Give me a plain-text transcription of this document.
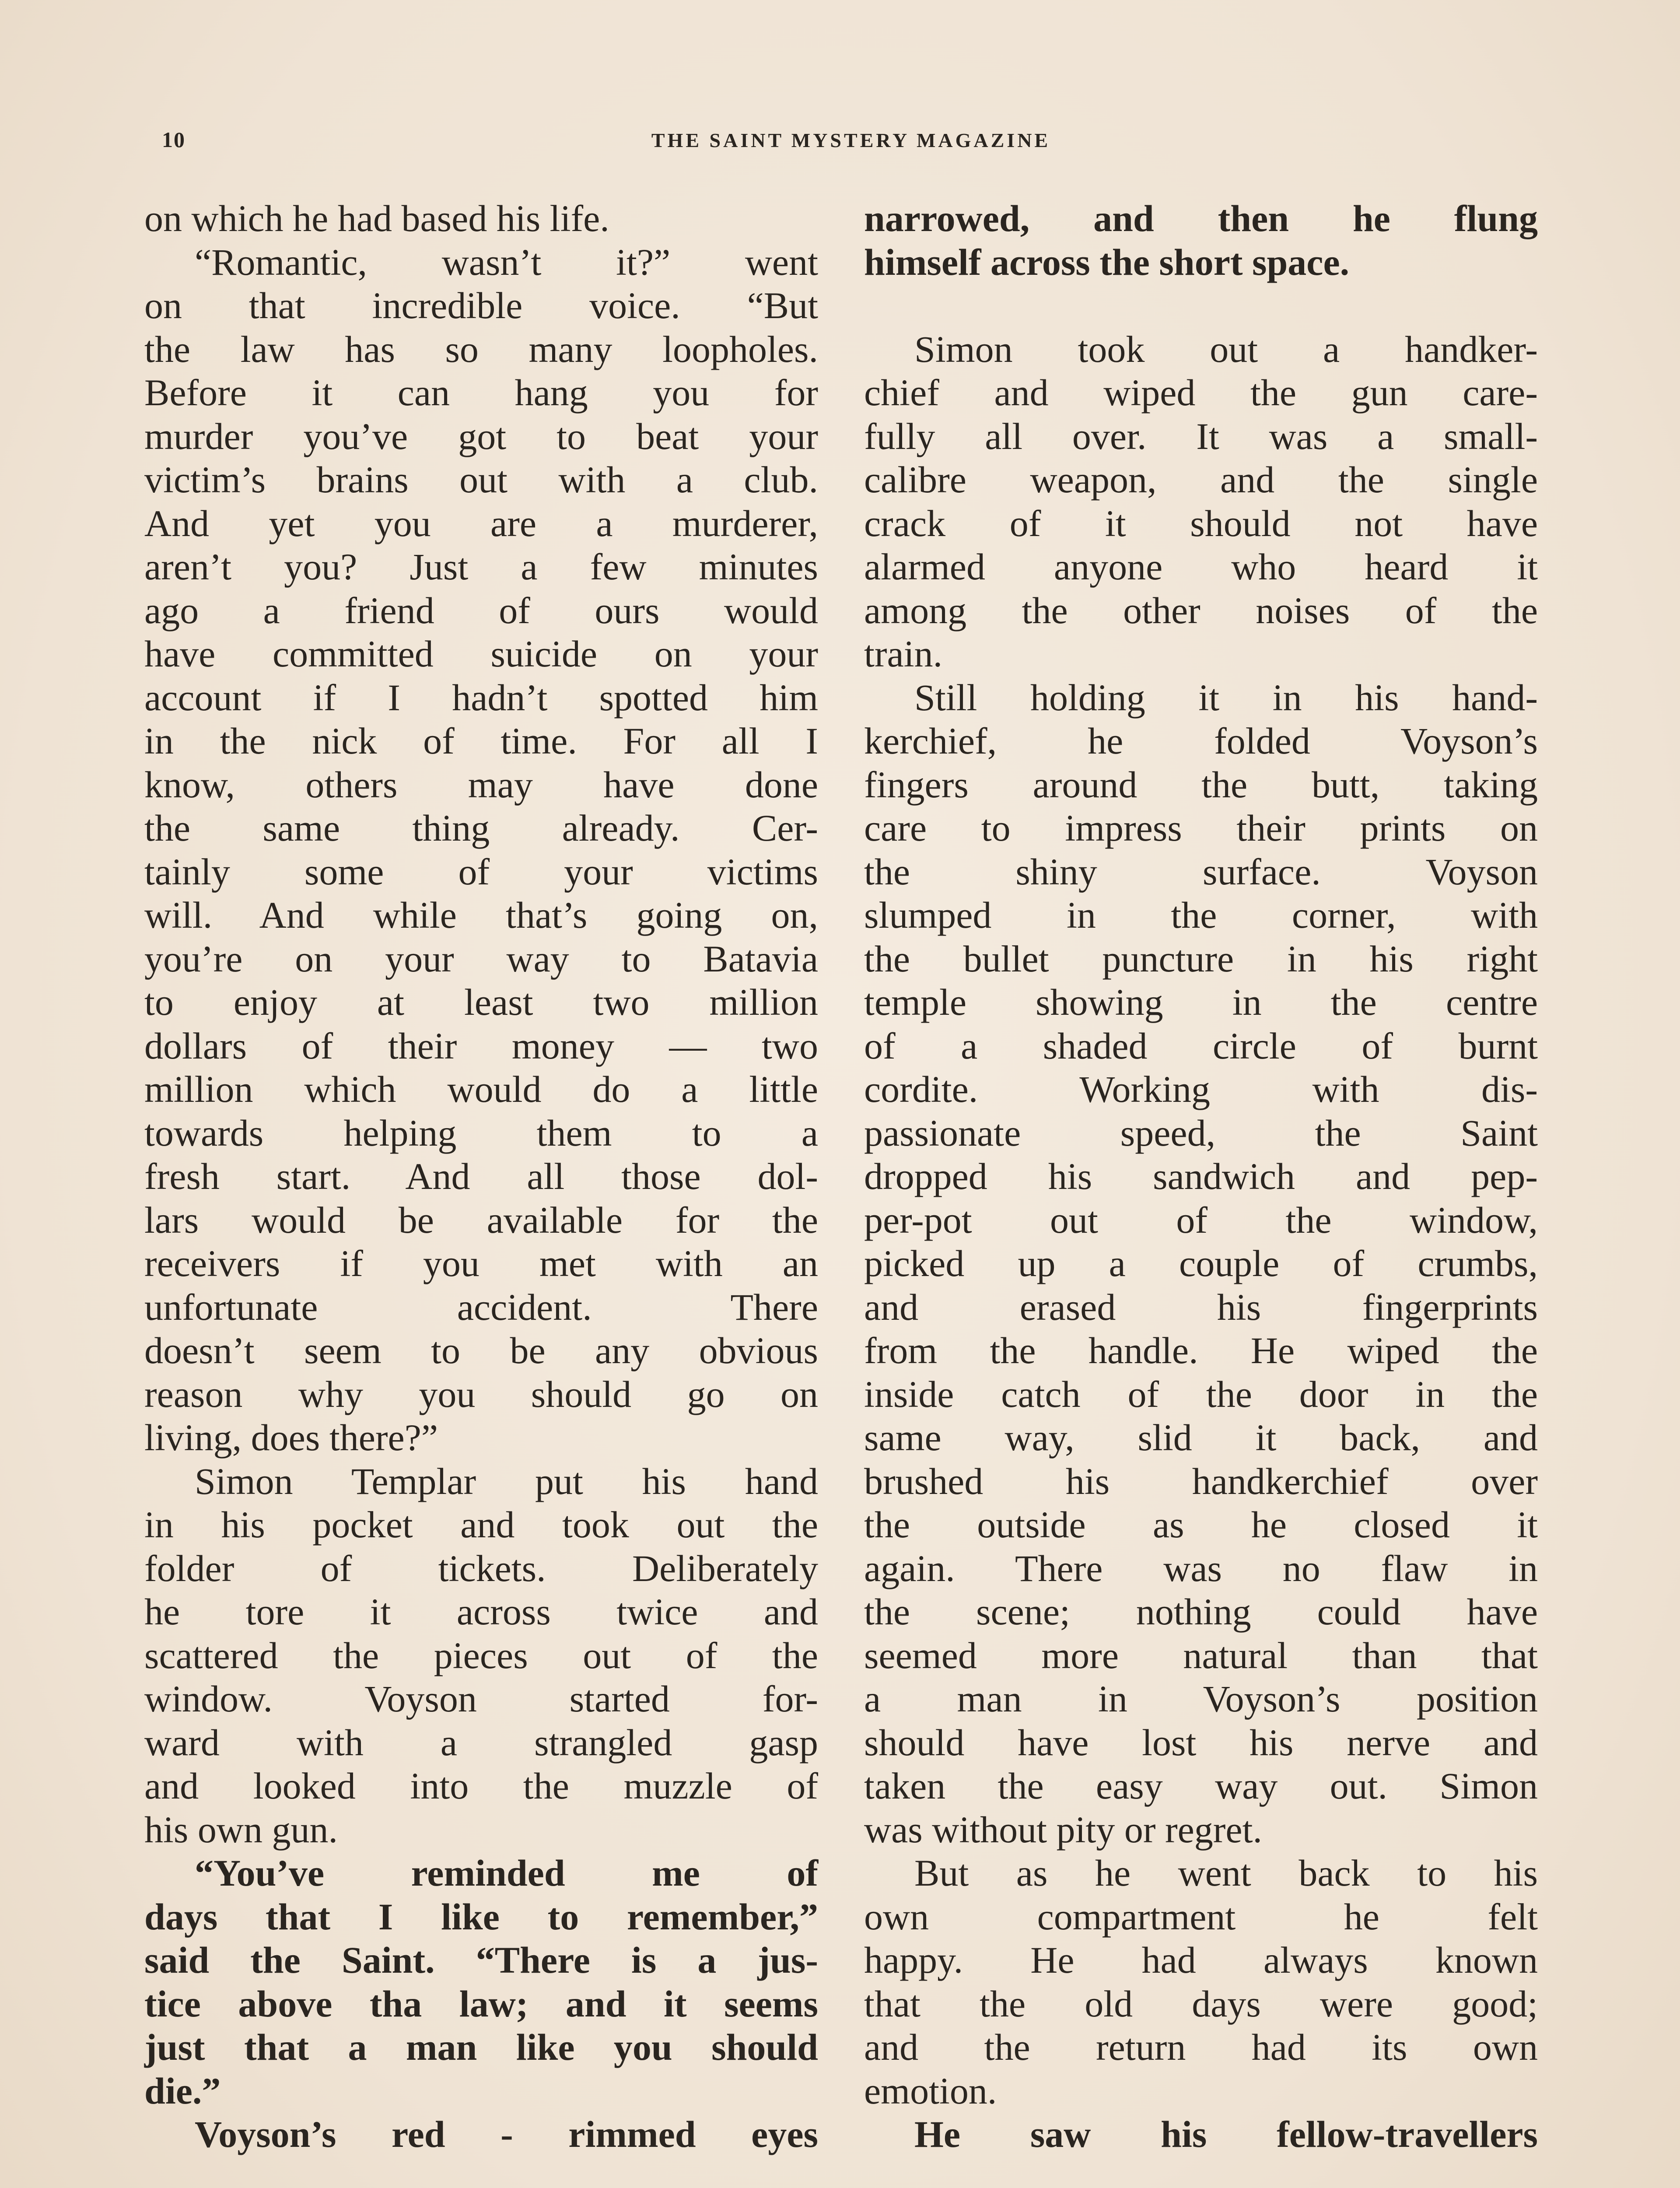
10	THE SAINT MYSTERY MAGAZINE
on which he had based his life.
“Romantic, wasn’t it?” went
on that incredible voice. “But
the law has so many loopholes.
Before it can hang you for
murder you’ve got to beat your
victim’s brains out with a club.
And yet you are a murderer,
aren’t you? Just a few minutes
ago a friend of ours would
have committed suicide on your
account if I hadn’t spotted him
in the nick of time. For all I
know, others may have done
the same thing already. Cer-
tainly some of your victims
will. And while that’s going on,
you’re on your way to Batavia
to enjoy at least two million
dollars of their money — two
million which would do a little
towards helping them to a
fresh start. And all those dol-
lars would be available for the
receivers if you met with an
unfortunate accident. There
doesn’t seem to be any obvious
reason why you should go on
living, does there?”
Simon Templar put his hand
in his pocket and took out the
folder of tickets. Deliberately
he tore it across twice and
scattered the pieces out of the
window. Voyson started for-
ward with a strangled gasp
and looked into the muzzle of
his own gun.
“You’ve reminded me of
days that I like to remember,”
said the Saint. “There is a jus-
tice above tha law; and it seems
just that a man like you should
die.”
Voyson’s red - rimmed eyes
narrowed, and then he flung
himself across the short space.
Simon took out a handker-
chief and wiped the gun care-
fully all over. It was a small-
calibre weapon, and the single
crack of it should not have
alarmed anyone who heard it
among the other noises of the
train.
Still holding it in his hand-
kerchief, he folded Voyson’s
fingers around the butt, taking
care to impress their prints on
the shiny surface. Voyson
slumped in the corner, with
the bullet puncture in his right
temple showing in the centre
of a shaded circle of burnt
cordite. Working with dis-
passionate speed, the Saint
dropped his sandwich and pep-
per-pot out of the window,
picked up a couple of crumbs,
and erased his fingerprints
from the handle. He wiped the
inside catch of the door in the
same way, slid it back, and
brushed his handkerchief over
the outside as he closed it
again. There was no flaw in
the scene; nothing could have
seemed more natural than that
a man in Voyson’s position
should have lost his nerve and
taken the easy way out. Simon
was without pity or regret.
But as he went back to his
own compartment he felt
happy. He had always known
that the old days were good;
and the return had its own
emotion.
He saw his fellow-travellers
